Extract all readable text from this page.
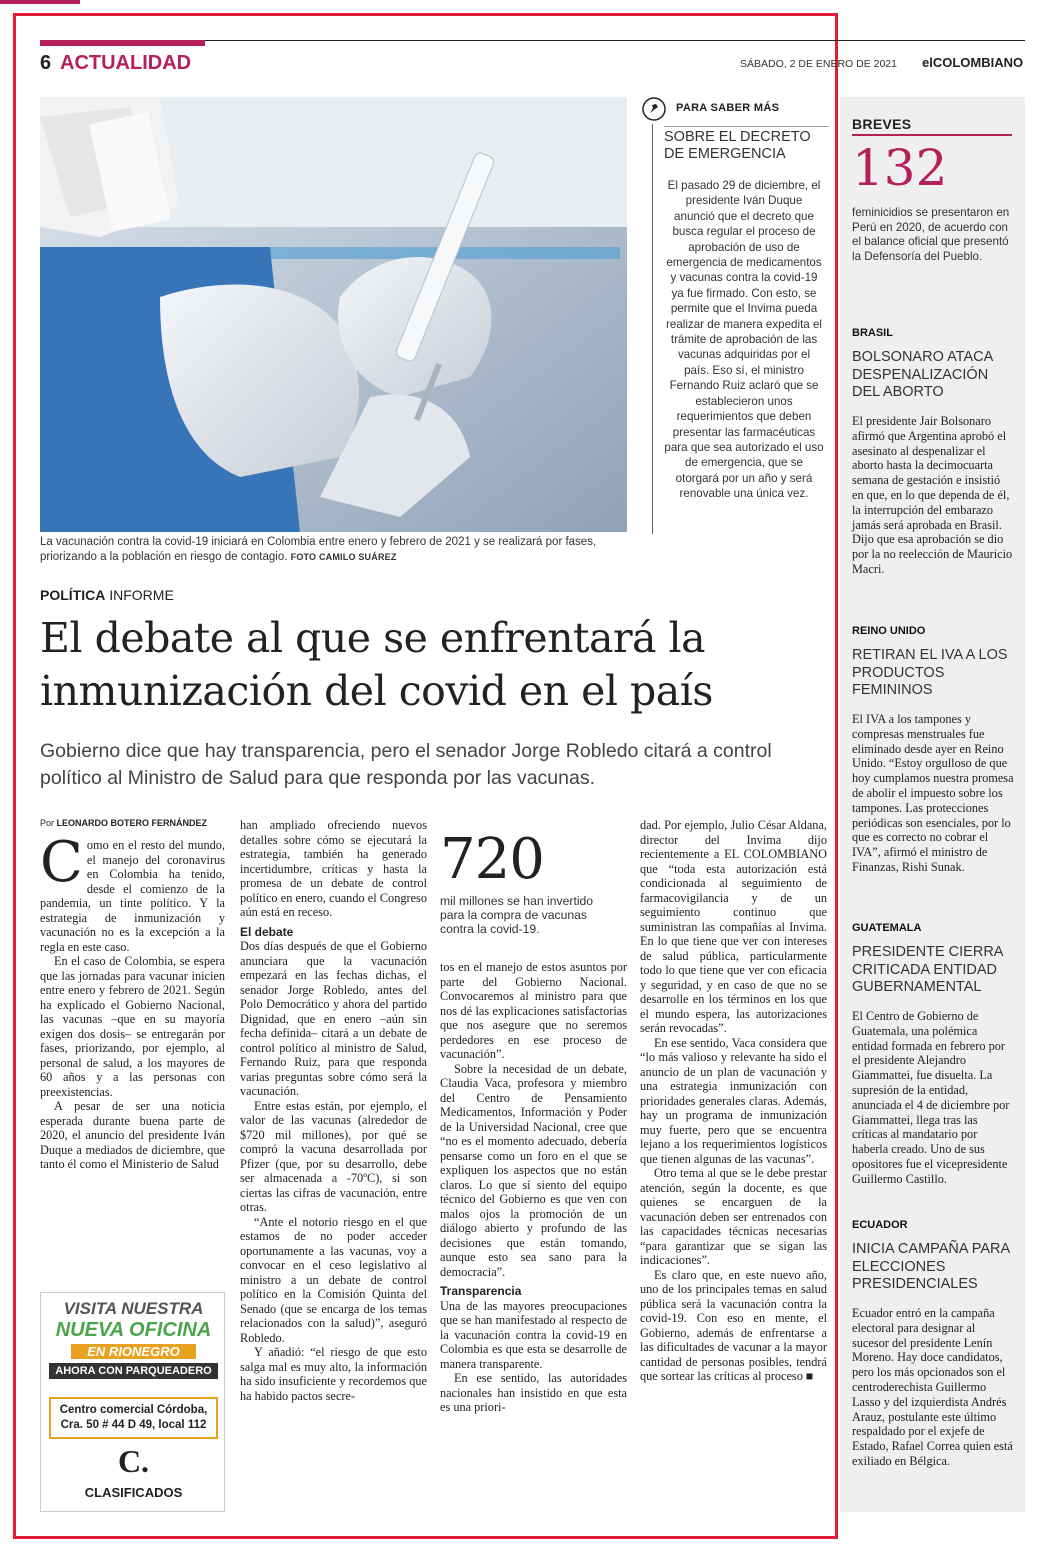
6 ACTUALIDAD	SÁBADO, 2 DE ENERO DE 2021 elCOLOMBIANO
La vacunación contra la covid-19 iniciará en Colombia entre enero y febrero de 2021 y se realizará por fases, priorizando a la población en riesgo de contagio. FOTO CAMILO SUÁREZ
PARA SABER MÁS
SOBRE EL DECRETO DE EMERGENCIA
El pasado 29 de diciembre, el presidente Iván Duque anunció que el decreto que busca regular el proceso de aprobación de uso de emergencia de medicamentos y vacunas contra la covid-19 ya fue firmado. Con esto, se permite que el Invima pueda realizar de manera expedita el trámite de aprobación de las vacunas adquiridas por el país. Eso sí, el ministro Fernando Ruiz aclaró que se establecieron unos requerimientos que deben presentar las farmacéuticas para que sea autorizado el uso de emergencia, que se otorgará por un año y será renovable una única vez.
POLÍTICA INFORME
El debate al que se enfrentará la inmunización del covid en el país
Gobierno dice que hay transparencia, pero el senador Jorge Robledo citará a control político al Ministro de Salud para que responda por las vacunas.
Por LEONARDO BOTERO FERNÁNDEZ

Como en el resto del mundo, el manejo del coronavirus en Colombia ha tenido, desde el comienzo de la pandemia, un tinte político. Y la estrategia de inmunización y vacunación no es la excepción a la regla en este caso.

En el caso de Colombia, se espera que las jornadas para vacunar inicien entre enero y febrero de 2021. Según ha explicado el Gobierno Nacional, las vacunas –que en su mayoría exigen dos dosis– se entregarán por fases, priorizando, por ejemplo, al personal de salud, a los mayores de 60 años y a las personas con preexistencias.

A pesar de ser una noticia esperada durante buena parte de 2020, el anuncio del presidente Iván Duque a mediados de diciembre, que tanto él como el Ministerio de Salud

VISITA NUESTRA
NUEVA OFICINA
EN RIONEGRO
AHORA CON PARQUEADERO
Centro comercial Córdoba,
Cra. 50 # 44 D 49, local 112
C.
CLASIFICADOS

han ampliado ofreciendo nuevos detalles sobre cómo se ejecutará la estrategia, también ha generado incertidumbre, críticas y hasta la promesa de un debate de control político en enero, cuando el Congreso aún está en receso.

El debate

Dos días después de que el Gobierno anunciara que la vacunación empezará en las fechas dichas, el senador Jorge Robledo, antes del Polo Democrático y ahora del partido Dignidad, que en enero –aún sin fecha definida– citará a un debate de control político al ministro de Salud, Fernando Ruiz, para que responda varias preguntas sobre cómo será la vacunación.

Entre estas están, por ejemplo, el valor de las vacunas (alrededor de $720 mil millones), por qué se compró la vacuna desarrollada por Pfizer (que, por su desarrollo, debe ser almacenada a -70ºC), si son ciertas las cifras de vacunación, entre otras.

“Ante el notorio riesgo en el que estamos de no poder acceder oportunamente a las vacunas, voy a convocar en el ceso legislativo al ministro a un debate de control político en la Comisión Quinta del Senado (que se encarga de los temas relacionados con la salud)”, aseguró Robledo.

Y añadió: “el riesgo de que esto salga mal es muy alto, la información ha sido insuficiente y recordemos que ha habido pactos secre-

720
mil millones se han invertido para la compra de vacunas contra la covid-19.

tos en el manejo de estos asuntos por parte del Gobierno Nacional. Convocaremos al ministro para que nos dé las explicaciones satisfactorias que nos asegure que no seremos perdedores en ese proceso de vacunación”.

Sobre la necesidad de un debate, Claudia Vaca, profesora y miembro del Centro de Pensamiento Medicamentos, Información y Poder de la Universidad Nacional, cree que “no es el momento adecuado, debería pensarse como un foro en el que se expliquen los aspectos que no están claros. Lo que sí siento del equipo técnico del Gobierno es que ven con malos ojos la promoción de un diálogo abierto y profundo de las decisiones que están tomando, aunque esto sea sano para la democracia”.

Transparencia

Una de las mayores preocupaciones que se han manifestado al respecto de la vacunación contra la covid-19 en Colombia es que esta se desarrolle de manera transparente.

En ese sentido, las autoridades nacionales han insistido en que esta es una priori-

dad. Por ejemplo, Julio César Aldana, director del Invima dijo recientemente a EL COLOMBIANO que “toda esta autorización está condicionada al seguimiento de farmacovigilancia y de un seguimiento continuo que suministran las compañías al Invima. En lo que tiene que ver con intereses de salud pública, particularmente todo lo que tiene que ver con eficacia y seguridad, y en caso de que no se desarrolle en los términos en los que el mundo espera, las autorizaciones serán revocadas”.

En ese sentido, Vaca considera que “lo más valioso y relevante ha sido el anuncio de un plan de vacunación y una estrategia inmunización con prioridades generales claras. Además, hay un programa de inmunización muy fuerte, pero que se encuentra lejano a los requerimientos logísticos que tienen algunas de las vacunas”.

Otro tema al que se le debe prestar atención, según la docente, es que quienes se encarguen de la vacunación deben ser entrenados con las capacidades técnicas necesarias “para garantizar que se sigan las indicaciones”.

Es claro que, en este nuevo año, uno de los principales temas en salud pública será la vacunación contra la covid-19. Con eso en mente, el Gobierno, además de enfrentarse a las dificultades de vacunar a la mayor cantidad de personas posibles, tendrá que sortear las críticas al proceso ■

BREVES
132
feminicidios se presentaron en Perú en 2020, de acuerdo con el balance oficial que presentó la Defensoría del Pueblo.
BRASIL
BOLSONARO ATACA DESPENALIZACIÓN DEL ABORTO
El presidente Jair Bolsonaro afirmó que Argentina aprobó el asesinato al despenalizar el aborto hasta la decimocuarta semana de gestación e insistió en que, en lo que dependa de él, la interrupción del embarazo jamás será aprobada en Brasil. Dijo que esa aprobación se dio por la no reelección de Mauricio Macri.
REINO UNIDO
RETIRAN EL IVA A LOS PRODUCTOS FEMININOS
El IVA a los tampones y compresas menstruales fue eliminado desde ayer en Reino Unido. “Estoy orgulloso de que hoy cumplamos nuestra promesa de abolir el impuesto sobre los tampones. Las protecciones periódicas son esenciales, por lo que es correcto no cobrar el IVA”, afirmó el ministro de Finanzas, Rishi Sunak.
GUATEMALA
PRESIDENTE CIERRA CRITICADA ENTIDAD GUBERNAMENTAL
El Centro de Gobierno de Guatemala, una polémica entidad formada en febrero por el presidente Alejandro Giammattei, fue disuelta. La supresión de la entidad, anunciada el 4 de diciembre por Giammattei, llega tras las críticas al mandatario por haberla creado. Uno de sus opositores fue el vicepresidente Guillermo Castillo.
ECUADOR
INICIA CAMPAÑA PARA ELECCIONES PRESIDENCIALES
Ecuador entró en la campaña electoral para designar al sucesor del presidente Lenín Moreno. Hay doce candidatos, pero los más opcionados son el centroderechista Guillermo Lasso y del izquierdista Andrés Arauz, postulante este último respaldado por el exjefe de Estado, Rafael Correa quien está exiliado en Bélgica.
